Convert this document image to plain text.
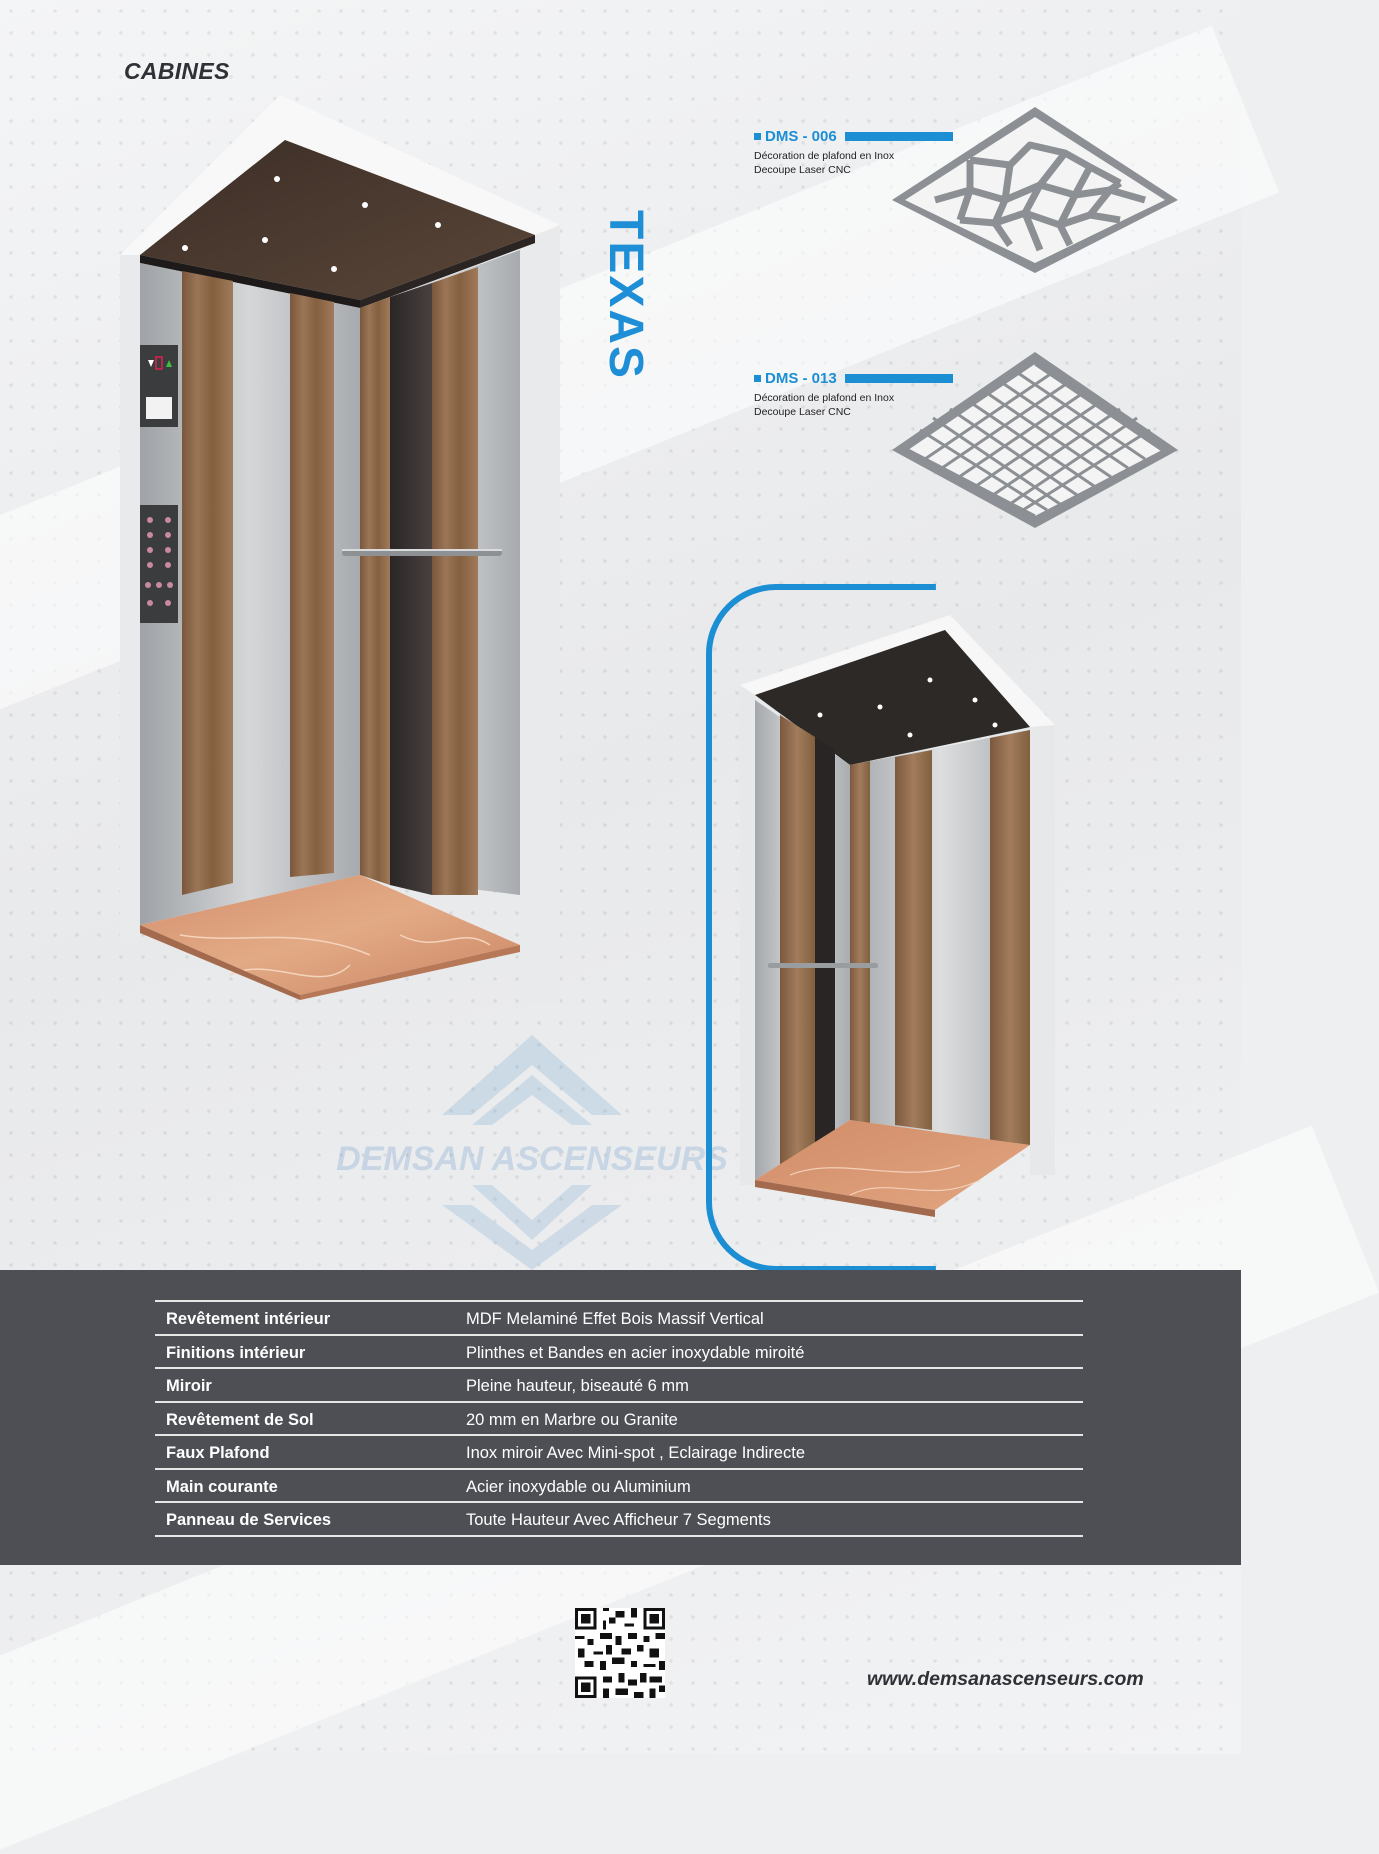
CABINES
TEXAS
DMS - 006
Décoration de plafond en Inox
Decoupe Laser CNC
DMS - 013
Décoration de plafond en Inox
Decoupe Laser CNC
DEMSAN ASCENSEURS
Revêtement intérieur	MDF Melaminé Effet Bois Massif Vertical
Finitions intérieur	Plinthes et Bandes en acier inoxydable miroité
Miroir	Pleine hauteur, biseauté 6 mm
Revêtement de Sol	20 mm en Marbre ou Granite
Faux Plafond	Inox miroir Avec Mini-spot , Eclairage Indirecte
Main courante	Acier inoxydable ou Aluminium
Panneau de Services	Toute Hauteur Avec Afficheur 7 Segments
www.demsanascenseurs.com
